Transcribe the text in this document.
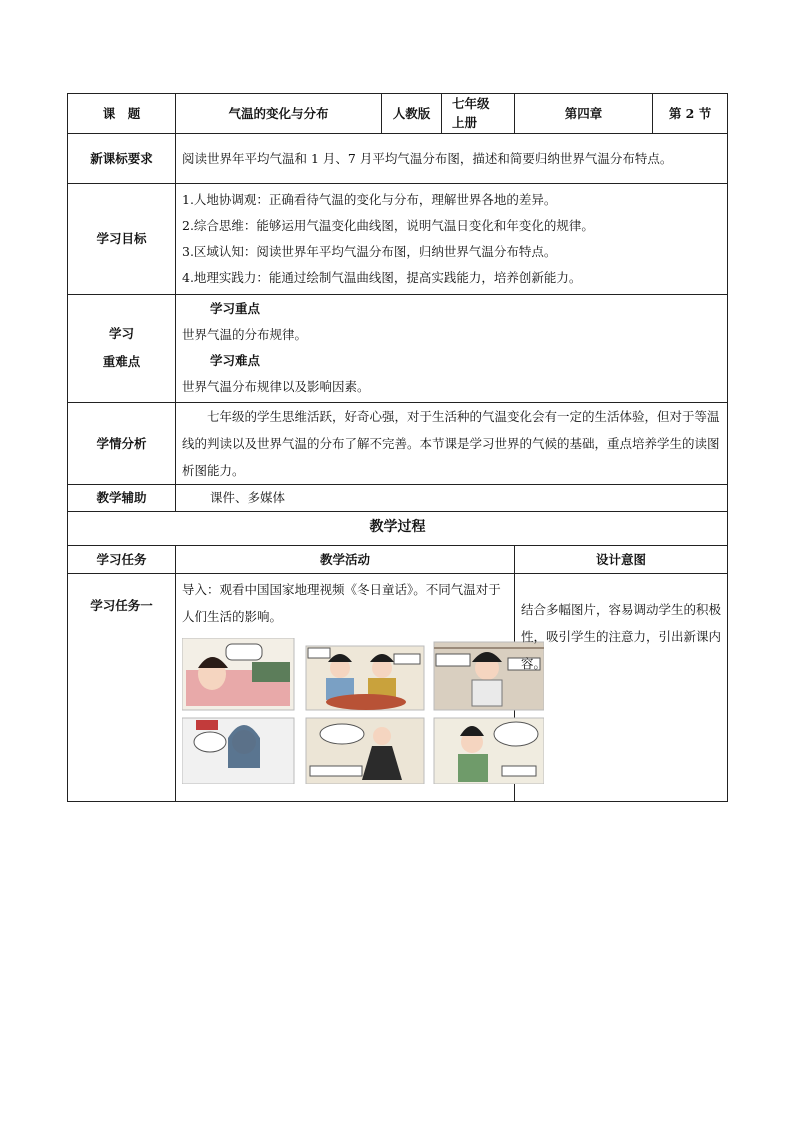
课　题	气温的变化与分布	人教版	七年级　上册	第四章	第 2 节
新课标要求	阅读世界年平均气温和 1 月、7 月平均气温分布图，描述和简要归纳世界气温分布特点。				
学习目标	1.人地协调观：正确看待气温的变化与分布，理解世界各地的差异。
2.综合思维：能够运用气温变化曲线图，说明气温日变化和年变化的规律。
3.区域认知：阅读世界年平均气温分布图，归纳世界气温分布特点。
4.地理实践力：能通过绘制气温曲线图，提高实践能力，培养创新能力。				

学习
重难点	学习重点
世界气温的分布规律。
学习难点
世界气温分布规律以及影响因素。				

学情分析	七年级的学生思维活跃，好奇心强，对于生活种的气温变化会有一定的生活体验，但对于等温线的判读以及世界气温的分布了解不完善。本节课是学习世界的气候的基础，重点培养学生的读图析图能力。				
教学辅助	课件、多媒体				

教学过程					
学习任务	教学活动			设计意图	
学习任务一	导入：观看中国国家地理视频《冬日童话》。不同气温对于人们生活的影响。			结合多幅图片，容易调动学生的积极性，吸引学生的注意力，引出新课内容。	
